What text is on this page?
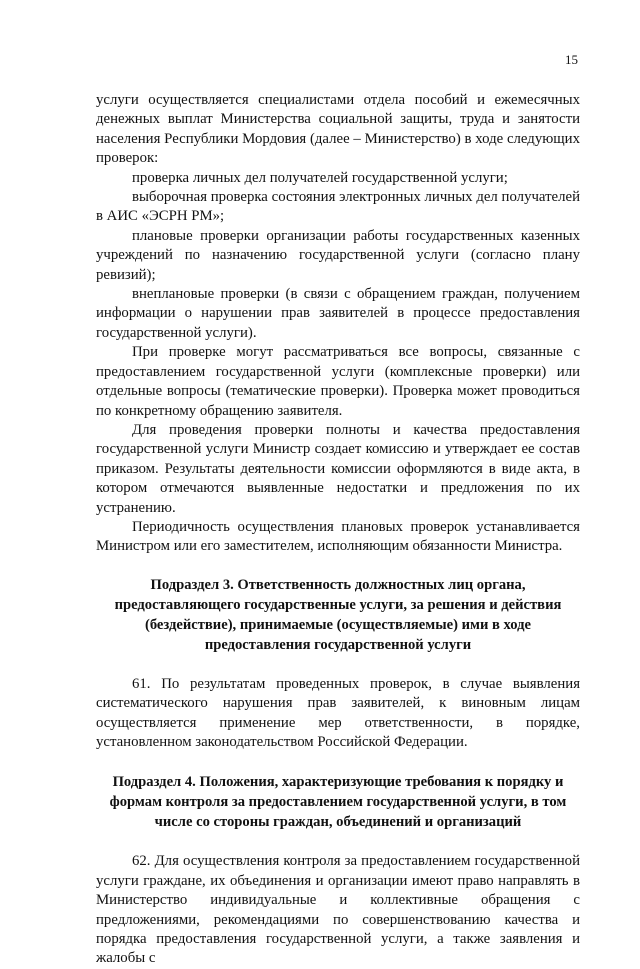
15

услуги осуществляется специалистами отдела пособий и ежемесячных денежных выплат Министерства социальной защиты, труда и занятости населения Республики Мордовия (далее – Министерство) в ходе следующих проверок:

проверка личных дел получателей государственной услуги;

выборочная проверка состояния электронных личных дел получателей в АИС «ЭСРН РМ»;

плановые проверки организации работы государственных казенных учреждений по назначению государственной услуги (согласно плану ревизий);

внеплановые проверки (в связи с обращением граждан, получением информации о нарушении прав заявителей в процессе предоставления государственной услуги).

При проверке могут рассматриваться все вопросы, связанные с предоставлением государственной услуги (комплексные проверки) или отдельные вопросы (тематические проверки). Проверка может проводиться по конкретному обращению заявителя.

Для проведения проверки полноты и качества предоставления государственной услуги Министр создает комиссию и утверждает ее состав приказом. Результаты деятельности комиссии оформляются в виде акта, в котором отмечаются выявленные недостатки и предложения по их устранению.

Периодичность осуществления плановых проверок устанавливается Министром или его заместителем, исполняющим обязанности Министра.

Подраздел 3. Ответственность должностных лиц органа, предоставляющего государственные услуги, за решения и действия (бездействие), принимаемые (осуществляемые) ими в ходе предоставления государственной услуги

61. По результатам проведенных проверок, в случае выявления систематического нарушения прав заявителей, к виновным лицам осуществляется применение мер ответственности, в порядке, установленном законодательством Российской Федерации.

Подраздел 4. Положения, характеризующие требования к порядку и формам контроля за предоставлением государственной услуги, в том числе со стороны граждан, объединений и организаций

62. Для осуществления контроля за предоставлением государственной услуги граждане, их объединения и организации имеют право направлять в Министерство индивидуальные и коллективные обращения с предложениями, рекомендациями по совершенствованию качества и порядка предоставления государственной услуги, а также заявления и жалобы с
